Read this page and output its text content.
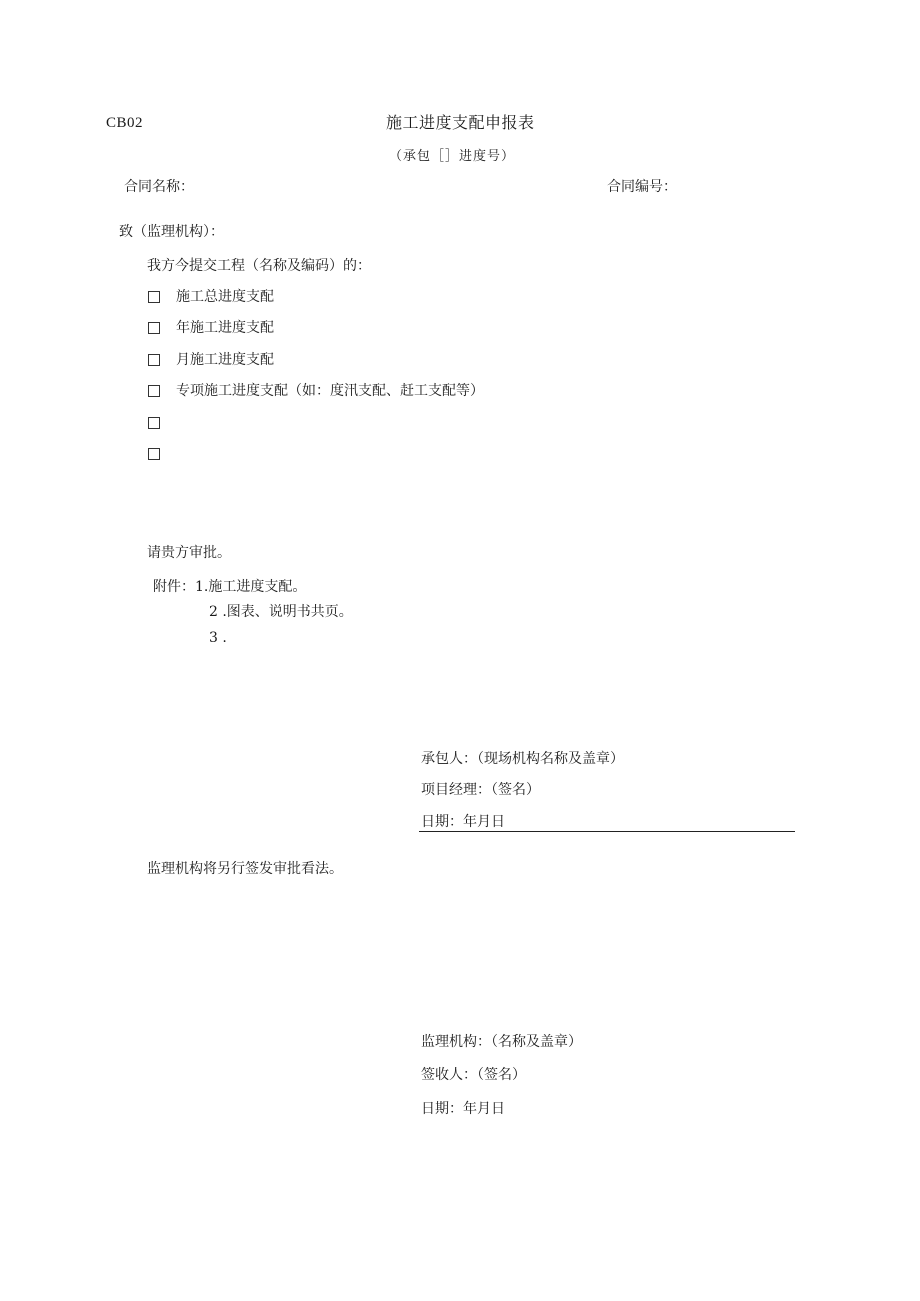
CB02	施工进度支配申报表
（承包［］进度号）
合同名称：	合同编号：
致（监理机构）：
我方今提交工程（名称及编码）的：
施工总进度支配
年施工进度支配
月施工进度支配
专项施工进度支配（如：度汛支配、赶工支配等）
请贵方审批。
附件：1.施工进度支配。
2 .图表、说明书共页。
3 .
承包人：（现场机构名称及盖章）
项目经理：（签名）
日期：年月日
监理机构将另行签发审批看法。
监理机构：（名称及盖章）
签收人：（签名）
日期：年月日
